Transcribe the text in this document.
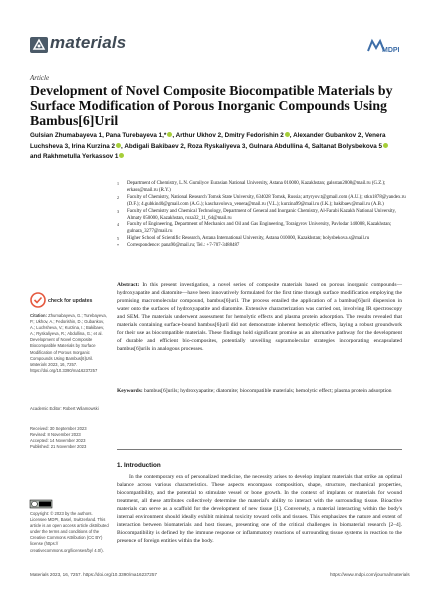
materials	MDPI
Article
Development of Novel Composite Biocompatible Materials by Surface Modification of Porous Inorganic Compounds Using Bambus[6]Uril
Gulsian Zhumabayeva 1, Pana Turebayeva 1,* , Arthur Ukhov 2, Dmitry Fedorishin 2 , Alexander Gubankov 2, Venera Luchsheva 3, Irina Kurzina 2 , Abdigali Bakibaev 2, Roza Ryskaliyeva 3, Gulnara Abdullina 4, Saltanat Bolysbekova 5 and Rakhmetulla Yerkassov 1
1	Department of Chemistry, L.N. Gumilyov Eurasian National University, Astana 010000, Kazakhstan; galsstan2008@mail.ru (G.Z.); erkass@mail.ru (R.Y.)
2	Faculty of Chemistry, National Research Tomsk State University, 634028 Tomsk, Russia; artyryov.t@gmail.com (A.U.); stkn1878@yandex.ru (D.F.); 4.gubkin40@gmail.com (A.G.); kaschavolova_venera@mail.ru (V.L.); kurzina99@mail.ru (I.K.); bakibaev@mail.ru (A.B.)
3	Faculty of Chemistry and Chemical Technology, Department of General and Inorganic Chemistry, Al-Farabi Kazakh National University, Almaty 050000, Kazakhstan, roza32_11_64@mail.ru
4	Faculty of Engineering, Department of Mechanics and Oil and Gas Engineering, Toraigyrov University, Pavlodar 140008, Kazakhstan; gulnara_3277@mail.ru
5	Higher School of Scientific Research, Astana International University, Astana 010000, Kazakhstan; bolysbekova.s@mail.ru
*	Correspondence: pana90@mail.ru; Tel.: +7-707-3488487
Abstract: In this present investigation, a novel series of composite materials based on porous inorganic compounds—hydroxyapatite and diatomite—have been innovatively formulated for the first time through surface modification employing the promising macromolecular compound, bambus[6]uril. The process entailed the application of a bambus[6]uril dispersion in water onto the surfaces of hydroxyapatite and diatomite. Extensive characterization was carried out, involving IR spectroscopy and SEM. The materials underwent assessment for hemolytic effects and plasma protein adsorption. The results revealed that materials containing surface-bound bambus[6]uril did not demonstrate inherent hemolytic effects, laying a robust groundwork for their use as biocompatible materials. These findings hold significant promise as an alternative pathway for the development of durable and efficient bio-composites, potentially unveiling supramolecular strategies incorporating encapsulated bambus[6]urils in analogous processes.
Keywords: bambus[6]urils; hydroxyapatite; diatomite; biocompatible materials; hemolytic effect; plasma protein adsorption
check for updates
Citation: Zhumabayeva, G.; Turebayeva, P.; Ukhov, A.; Fedorishin, D.; Gubankov, A.; Luchsheva, V.; Kurzina, I.; Bakibaev, A.; Ryskaliyeva, R.; Abdullina, G.; et al. Development of Novel Composite Biocompatible Materials by Surface Modification of Porous Inorganic Compounds Using Bambus[6]Uril. Materials 2023, 16, 7257. https://doi.org/10.3390/ma16237257
Academic Editor: Robert Wilamowski
Received: 30 September 2023
Revised: 8 November 2023
Accepted: 14 November 2023
Published: 21 November 2023
Copyright: © 2023 by the authors. Licensee MDPI, Basel, Switzerland. This article is an open access article distributed under the terms and conditions of the Creative Commons Attribution (CC BY) license (https:// creativecommons.org/licenses/by/ 4.0/).
1. Introduction
In the contemporary era of personalized medicine, the necessity arises to develop implant materials that strike an optimal balance across various characteristics. These aspects encompass composition, shape, structure, mechanical properties, biocompatibility, and the potential to stimulate vessel or bone growth. In the context of implants or materials for wound treatment, all these attributes collectively determine the material's ability to interact with the surrounding tissue. Bioactive materials can serve as a scaffold for the development of new tissue [1]. Conversely, a material interacting within the body's internal environment should ideally exhibit minimal toxicity toward cells and tissues. This emphasizes the nature and extent of interaction between biomaterials and host tissues, presenting one of the critical challenges in biomaterial research [2–4]. Biocompatibility is defined by the immune response or inflammatory reactions of surrounding tissue systems in reaction to the presence of foreign entities within the body.
Materials 2023, 16, 7257. https://doi.org/10.3390/ma16237257	https://www.mdpi.com/journal/materials
